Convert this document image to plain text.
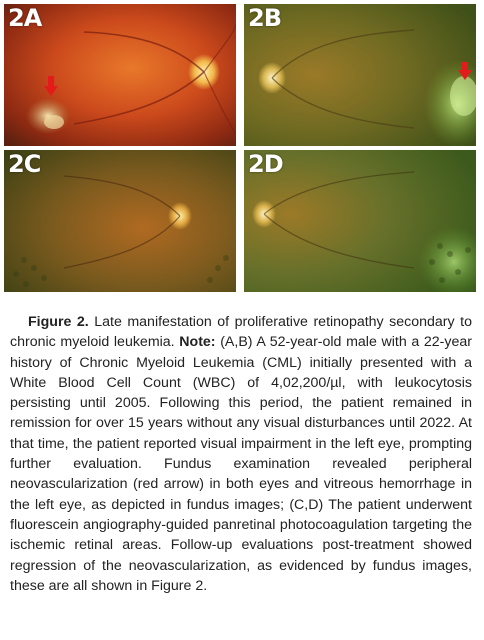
2A	2B
2C	2D

Figure 2. Late manifestation of proliferative retinopathy secondary to chronic myeloid leukemia. Note: (A,B) A 52-year-old male with a 22-year history of Chronic Myeloid Leukemia (CML) initially presented with a White Blood Cell Count (WBC) of 4,02,200/µl, with leukocytosis persisting until 2005. Following this period, the patient remained in remission for over 15 years without any visual disturbances until 2022. At that time, the patient reported visual impairment in the left eye, prompting further evaluation. Fundus examination revealed peripheral neovascularization (red arrow) in both eyes and vitreous hemorrhage in the left eye, as depicted in fundus images; (C,D) The patient underwent fluorescein angiography-guided panretinal photocoagulation targeting the ischemic retinal areas. Follow-up evaluations post-treatment showed regression of the neovascularization, as evidenced by fundus images, these are all shown in Figure 2.
